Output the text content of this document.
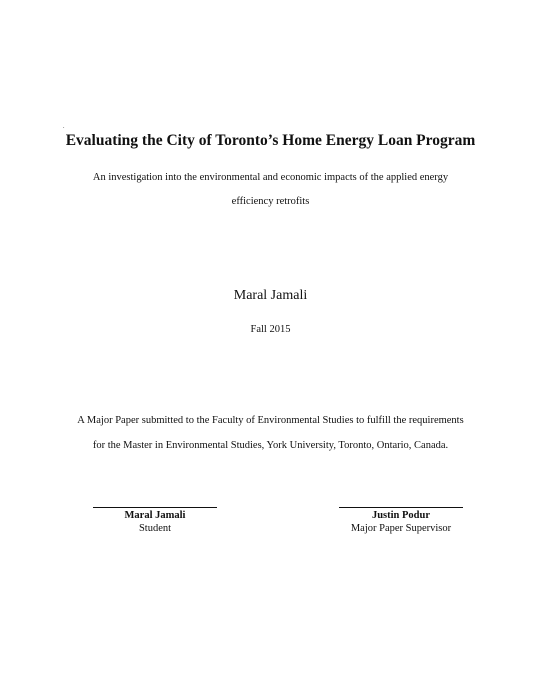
.
Evaluating the City of Toronto’s Home Energy Loan Program
An investigation into the environmental and economic impacts of the applied energy
efficiency retrofits
Maral Jamali
Fall 2015
A Major Paper submitted to the Faculty of Environmental Studies to fulfill the requirements
for the Master in Environmental Studies, York University, Toronto, Ontario, Canada.
Maral Jamali
Student
Justin Podur
Major Paper Supervisor
